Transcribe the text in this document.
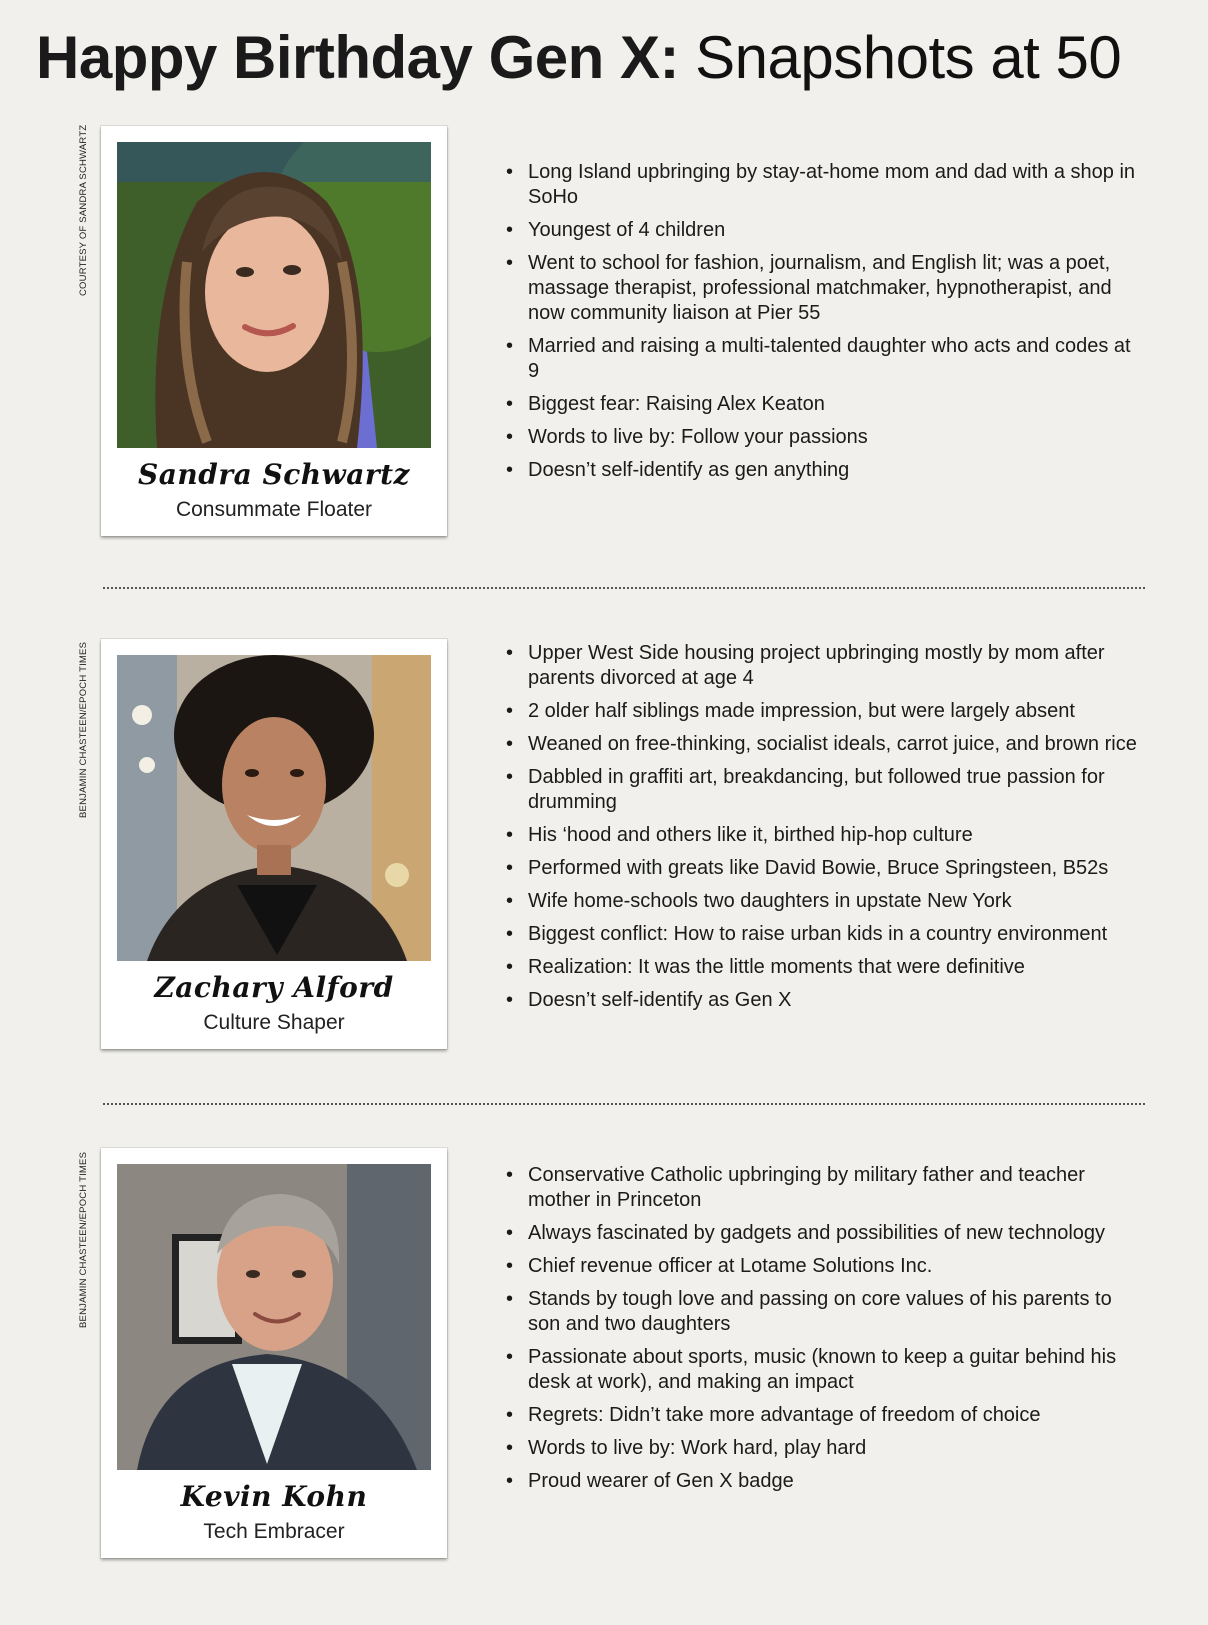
Happy Birthday Gen X: Snapshots at 50
COURTESY OF SANDRA SCHWARTZ
Sandra Schwartz
Consummate Floater
• Long Island upbringing by stay-at-home mom and dad with a shop in SoHo
• Youngest of 4 children
• Went to school for fashion, journalism, and English lit; was a poet, massage therapist, professional matchmaker, hypnotherapist, and now community liaison at Pier 55
• Married and raising a multi-talented daughter who acts and codes at 9
• Biggest fear: Raising Alex Keaton
• Words to live by: Follow your passions
• Doesn’t self-identify as gen anything
BENJAMIN CHASTEEN/EPOCH TIMES
Zachary Alford
Culture Shaper
• Upper West Side housing project upbringing mostly by mom after parents divorced at age 4
• 2 older half siblings made impression, but were largely absent
• Weaned on free-thinking, socialist ideals, carrot juice, and brown rice
• Dabbled in graffiti art, breakdancing, but followed true passion for drumming
• His ‘hood and others like it, birthed hip-hop culture
• Performed with greats like David Bowie, Bruce Springsteen, B52s
• Wife home-schools two daughters in upstate New York
• Biggest conflict: How to raise urban kids in a country environment
• Realization: It was the little moments that were definitive
• Doesn’t self-identify as Gen X
BENJAMIN CHASTEEN/EPOCH TIMES
Kevin Kohn
Tech Embracer
• Conservative Catholic upbringing by military father and teacher mother in Princeton
• Always fascinated by gadgets and possibilities of new technology
• Chief revenue officer at Lotame Solutions Inc.
• Stands by tough love and passing on core values of his parents to son and two daughters
• Passionate about sports, music (known to keep a guitar behind his desk at work), and making an impact
• Regrets: Didn’t take more advantage of freedom of choice
• Words to live by: Work hard, play hard
• Proud wearer of Gen X badge
